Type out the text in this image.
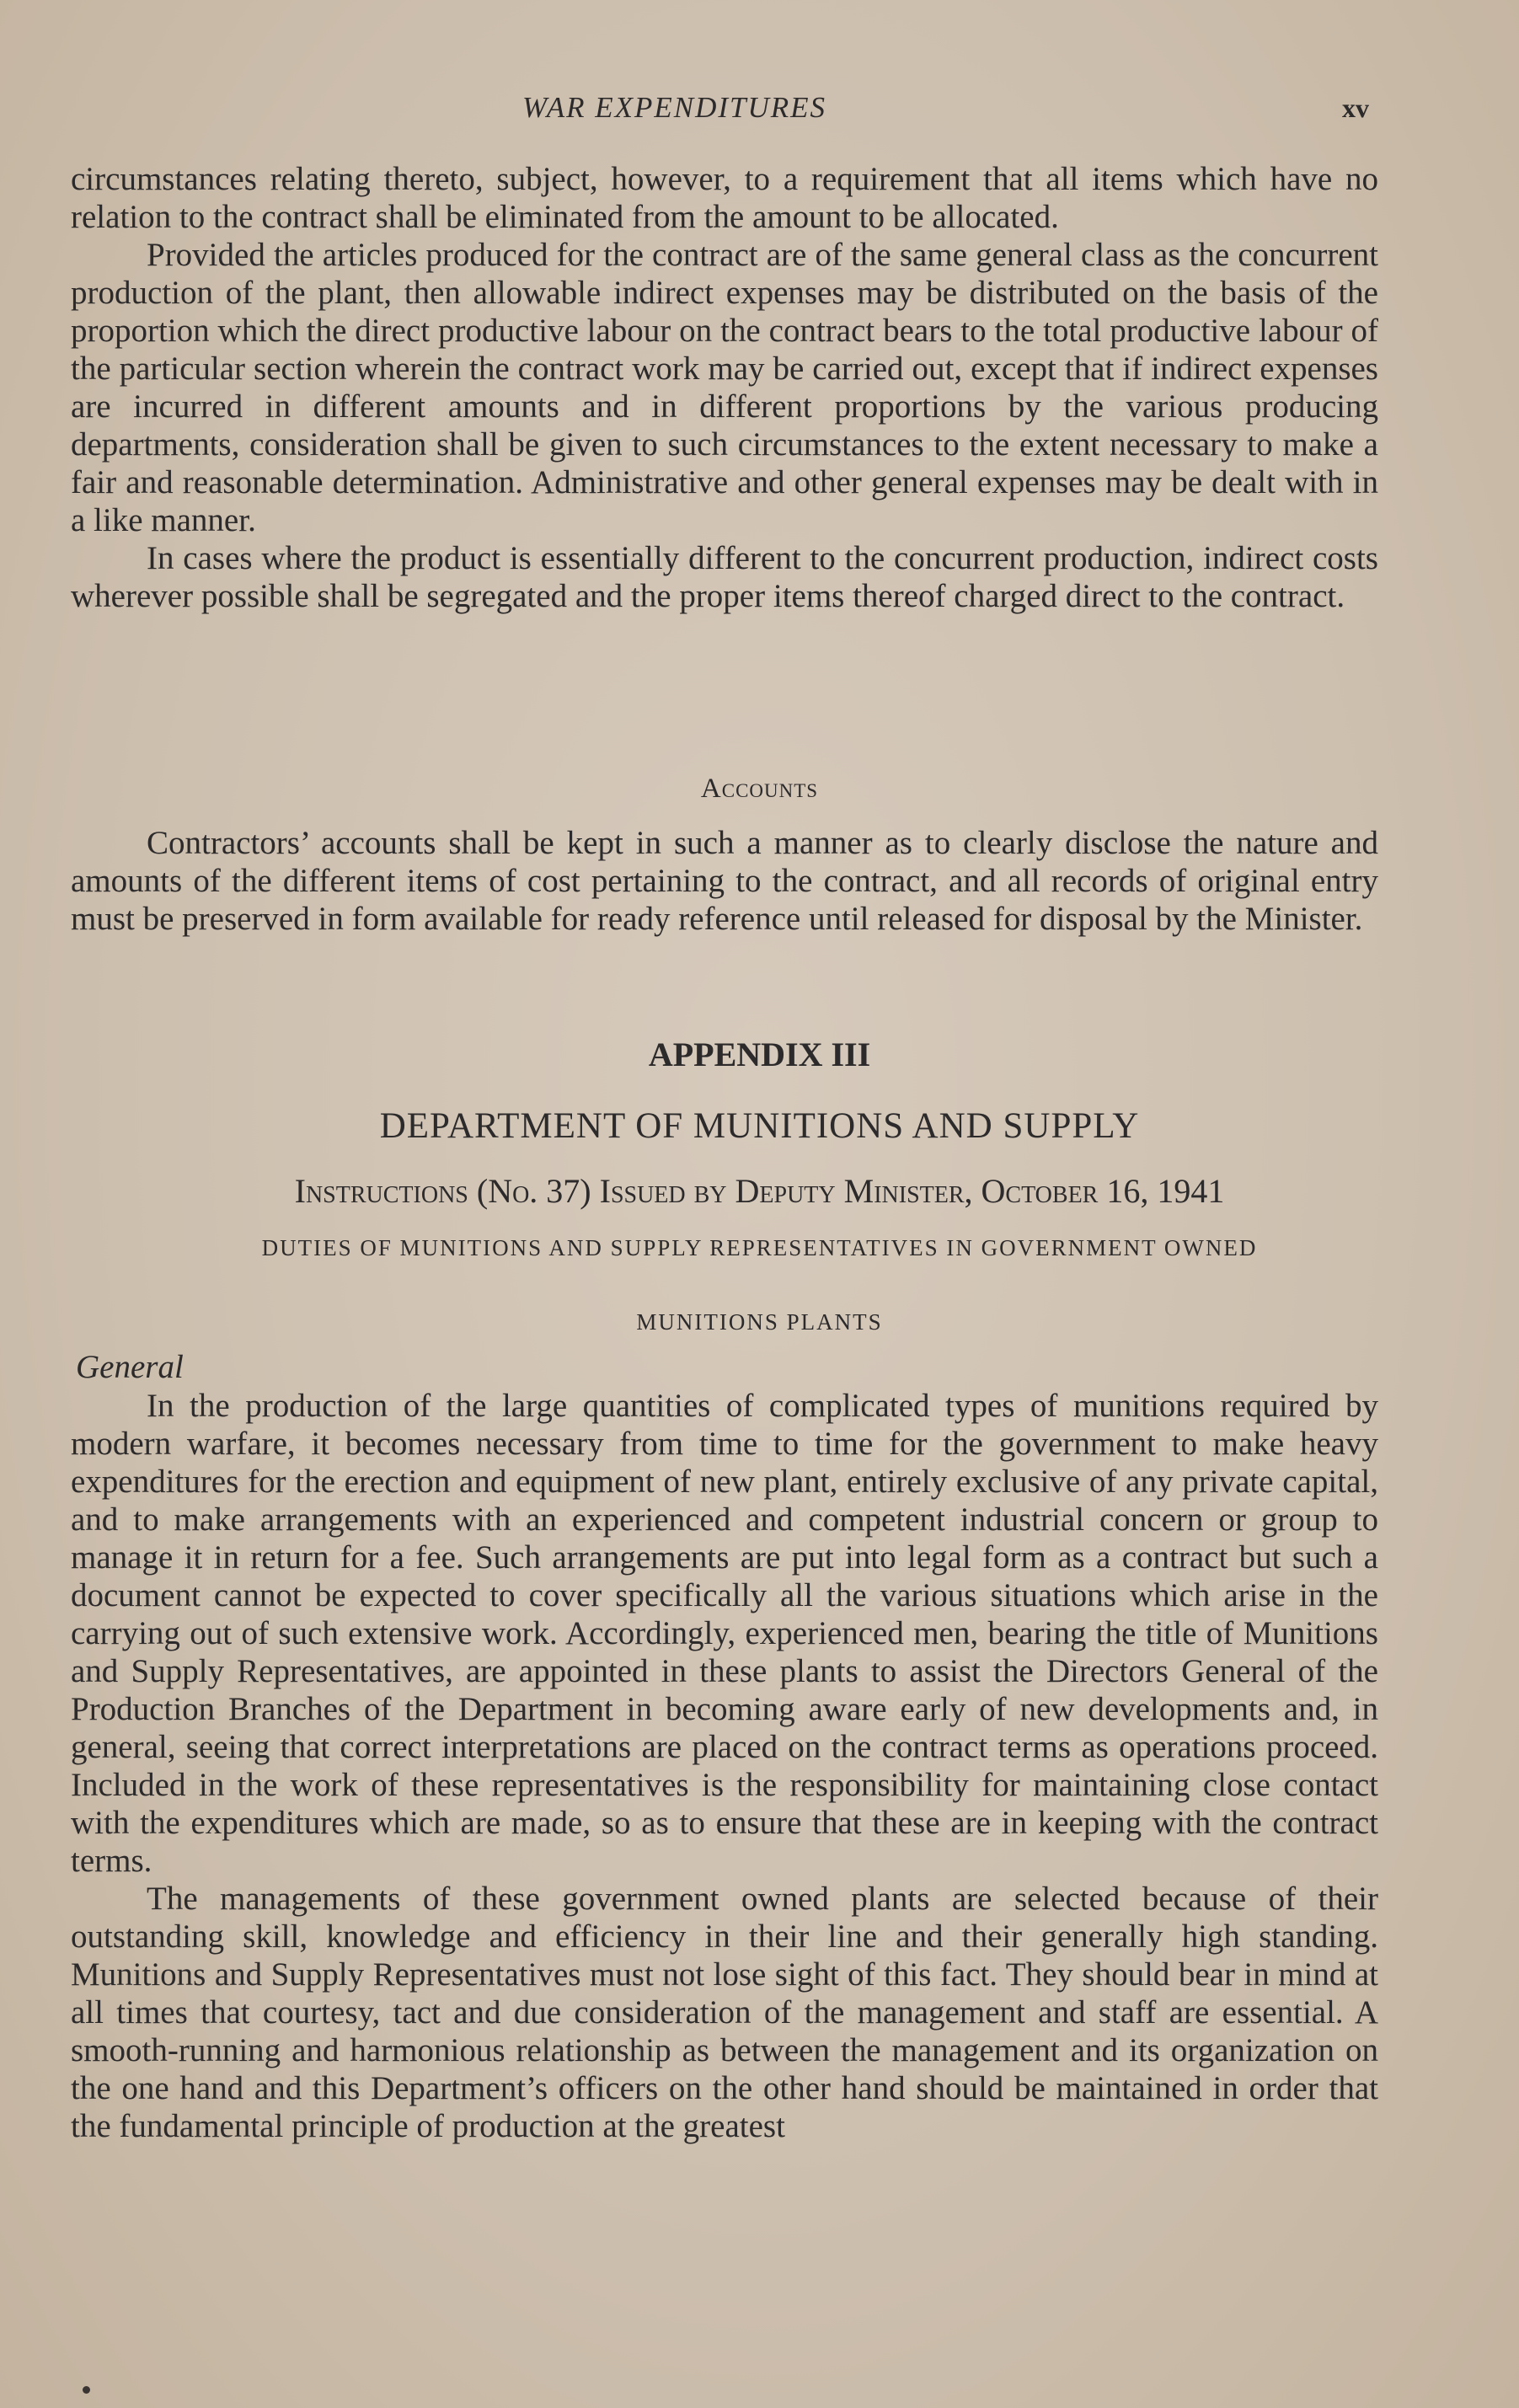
WAR EXPENDITURES	xv

circumstances relating thereto, subject, however, to a requirement that all items which have no relation to the contract shall be eliminated from the amount to be allocated.

Provided the articles produced for the contract are of the same general class as the concurrent production of the plant, then allowable indirect expenses may be distributed on the basis of the proportion which the direct productive labour on the contract bears to the total productive labour of the particular section wherein the contract work may be carried out, except that if indirect expenses are incurred in different amounts and in different proportions by the various producing departments, consideration shall be given to such circumstances to the extent necessary to make a fair and reasonable determination. Administrative and other general expenses may be dealt with in a like manner.

In cases where the product is essentially different to the concurrent production, indirect costs wherever possible shall be segregated and the proper items thereof charged direct to the contract.

Accounts

Contractors’ accounts shall be kept in such a manner as to clearly disclose the nature and amounts of the different items of cost pertaining to the contract, and all records of original entry must be preserved in form available for ready reference until released for disposal by the Minister.

APPENDIX III
DEPARTMENT OF MUNITIONS AND SUPPLY
Instructions (No. 37) Issued by Deputy Minister, October 16, 1941
DUTIES OF MUNITIONS AND SUPPLY REPRESENTATIVES IN GOVERNMENT OWNED
MUNITIONS PLANTS
General

In the production of the large quantities of complicated types of munitions required by modern warfare, it becomes necessary from time to time for the government to make heavy expenditures for the erection and equipment of new plant, entirely exclusive of any private capital, and to make arrangements with an experienced and competent industrial concern or group to manage it in return for a fee. Such arrangements are put into legal form as a contract but such a document cannot be expected to cover specifically all the various situations which arise in the carrying out of such extensive work. Accordingly, experienced men, bearing the title of Munitions and Supply Representatives, are appointed in these plants to assist the Directors General of the Production Branches of the Department in becoming aware early of new developments and, in general, seeing that correct interpretations are placed on the contract terms as operations proceed. Included in the work of these representatives is the responsibility for maintaining close contact with the expenditures which are made, so as to ensure that these are in keeping with the contract terms.

The managements of these government owned plants are selected because of their outstanding skill, knowledge and efficiency in their line and their generally high standing. Munitions and Supply Representatives must not lose sight of this fact. They should bear in mind at all times that courtesy, tact and due consideration of the management and staff are essential. A smooth-running and harmonious relationship as between the management and its organization on the one hand and this Department’s officers on the other hand should be maintained in order that the fundamental principle of production at the greatest
